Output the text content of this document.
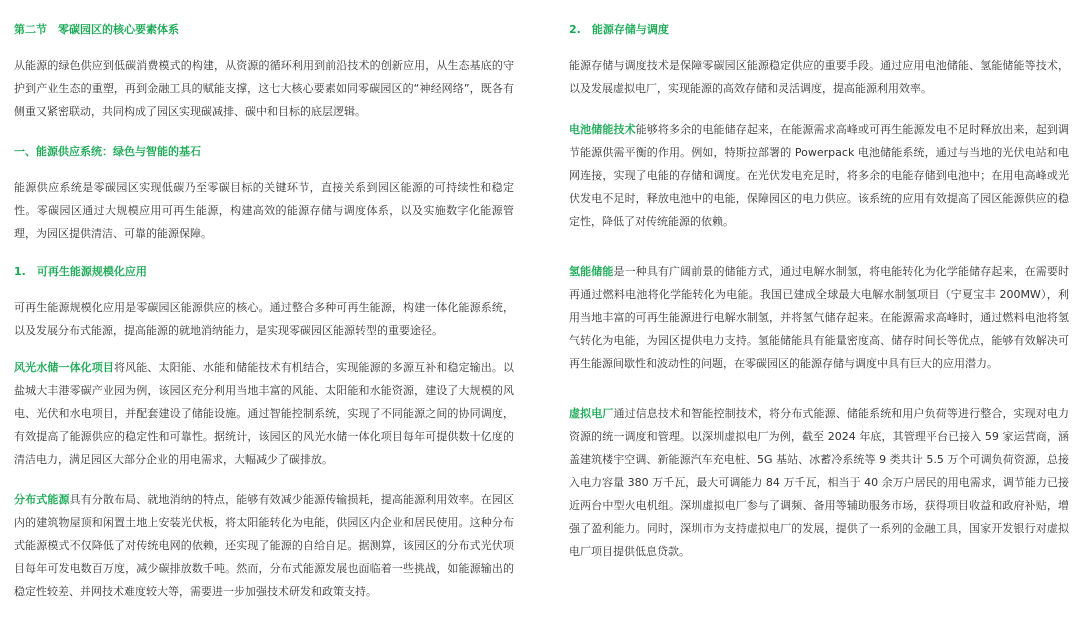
第二节　零碳园区的核心要素体系
从能源的绿色供应到低碳消费模式的构建，从资源的循环利用到前沿技术的创新应用，从生态基底的守护到产业生态的重塑，再到金融工具的赋能支撑，这七大核心要素如同零碳园区的“神经网络”，既各有侧重又紧密联动，共同构成了园区实现碳减排、碳中和目标的底层逻辑。
一、能源供应系统：绿色与智能的基石
能源供应系统是零碳园区实现低碳乃至零碳目标的关键环节，直接关系到园区能源的可持续性和稳定性。零碳园区通过大规模应用可再生能源，构建高效的能源存储与调度体系，以及实施数字化能源管理，为园区提供清洁、可靠的能源保障。
1.　可再生能源规模化应用
可再生能源规模化应用是零碳园区能源供应的核心。通过整合多种可再生能源，构建一体化能源系统，以及发展分布式能源，提高能源的就地消纳能力，是实现零碳园区能源转型的重要途径。
风光水储一体化项目将风能、太阳能、水能和储能技术有机结合，实现能源的多源互补和稳定输出。以盐城大丰港零碳产业园为例，该园区充分利用当地丰富的风能、太阳能和水能资源，建设了大规模的风电、光伏和水电项目，并配套建设了储能设施。通过智能控制系统，实现了不同能源之间的协同调度，有效提高了能源供应的稳定性和可靠性。据统计，该园区的风光水储一体化项目每年可提供数十亿度的清洁电力，满足园区大部分企业的用电需求，大幅减少了碳排放。
分布式能源具有分散布局、就地消纳的特点，能够有效减少能源传输损耗，提高能源利用效率。在园区内的建筑物屋顶和闲置土地上安装光伏板，将太阳能转化为电能，供园区内企业和居民使用。这种分布式能源模式不仅降低了对传统电网的依赖，还实现了能源的自给自足。据测算，该园区的分布式光伏项目每年可发电数百万度，减少碳排放数千吨。然而，分布式能源发展也面临着一些挑战，如能源输出的稳定性较差、并网技术难度较大等，需要进一步加强技术研发和政策支持。
2.　能源存储与调度
能源存储与调度技术是保障零碳园区能源稳定供应的重要手段。通过应用电池储能、氢能储能等技术，以及发展虚拟电厂，实现能源的高效存储和灵活调度，提高能源利用效率。
电池储能技术能够将多余的电能储存起来，在能源需求高峰或可再生能源发电不足时释放出来，起到调节能源供需平衡的作用。例如，特斯拉部署的 Powerpack 电池储能系统，通过与当地的光伏电站和电网连接，实现了电能的存储和调度。在光伏发电充足时，将多余的电能存储到电池中；在用电高峰或光伏发电不足时，释放电池中的电能，保障园区的电力供应。该系统的应用有效提高了园区能源供应的稳定性，降低了对传统能源的依赖。
氢能储能是一种具有广阔前景的储能方式，通过电解水制氢，将电能转化为化学能储存起来，在需要时再通过燃料电池将化学能转化为电能。我国已建成全球最大电解水制氢项目（宁夏宝丰 200MW），利用当地丰富的可再生能源进行电解水制氢，并将氢气储存起来。在能源需求高峰时，通过燃料电池将氢气转化为电能，为园区提供电力支持。氢能储能具有能量密度高、储存时间长等优点，能够有效解决可再生能源间歇性和波动性的问题，在零碳园区的能源存储与调度中具有巨大的应用潜力。
虚拟电厂通过信息技术和智能控制技术，将分布式能源、储能系统和用户负荷等进行整合，实现对电力资源的统一调度和管理。以深圳虚拟电厂为例，截至 2024 年底，其管理平台已接入 59 家运营商，涵盖建筑楼宇空调、新能源汽车充电桩、5G 基站、冰蓄冷系统等 9 类共计 5.5 万个可调负荷资源，总接入电力容量 380 万千瓦，最大可调能力 84 万千瓦，相当于 40 余万户居民的用电需求，调节能力已接近两台中型火电机组。深圳虚拟电厂参与了调频、备用等辅助服务市场，获得项目收益和政府补贴，增强了盈利能力。同时，深圳市为支持虚拟电厂的发展，提供了一系列的金融工具，国家开发银行对虚拟电厂项目提供低息贷款。
